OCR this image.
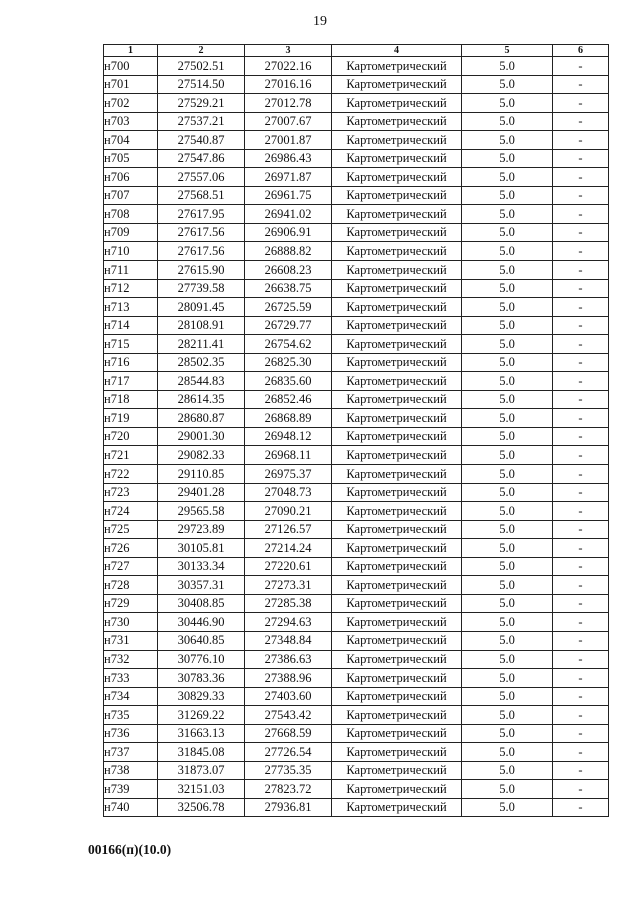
19
1	2	3	4	5	6
н700	27502.51	27022.16	Картометрический	5.0	-
н701	27514.50	27016.16	Картометрический	5.0	-
н702	27529.21	27012.78	Картометрический	5.0	-
н703	27537.21	27007.67	Картометрический	5.0	-
н704	27540.87	27001.87	Картометрический	5.0	-
н705	27547.86	26986.43	Картометрический	5.0	-
н706	27557.06	26971.87	Картометрический	5.0	-
н707	27568.51	26961.75	Картометрический	5.0	-
н708	27617.95	26941.02	Картометрический	5.0	-
н709	27617.56	26906.91	Картометрический	5.0	-
н710	27617.56	26888.82	Картометрический	5.0	-
н711	27615.90	26608.23	Картометрический	5.0	-
н712	27739.58	26638.75	Картометрический	5.0	-
н713	28091.45	26725.59	Картометрический	5.0	-
н714	28108.91	26729.77	Картометрический	5.0	-
н715	28211.41	26754.62	Картометрический	5.0	-
н716	28502.35	26825.30	Картометрический	5.0	-
н717	28544.83	26835.60	Картометрический	5.0	-
н718	28614.35	26852.46	Картометрический	5.0	-
н719	28680.87	26868.89	Картометрический	5.0	-
н720	29001.30	26948.12	Картометрический	5.0	-
н721	29082.33	26968.11	Картометрический	5.0	-
н722	29110.85	26975.37	Картометрический	5.0	-
н723	29401.28	27048.73	Картометрический	5.0	-
н724	29565.58	27090.21	Картометрический	5.0	-
н725	29723.89	27126.57	Картометрический	5.0	-
н726	30105.81	27214.24	Картометрический	5.0	-
н727	30133.34	27220.61	Картометрический	5.0	-
н728	30357.31	27273.31	Картометрический	5.0	-
н729	30408.85	27285.38	Картометрический	5.0	-
н730	30446.90	27294.63	Картометрический	5.0	-
н731	30640.85	27348.84	Картометрический	5.0	-
н732	30776.10	27386.63	Картометрический	5.0	-
н733	30783.36	27388.96	Картометрический	5.0	-
н734	30829.33	27403.60	Картометрический	5.0	-
н735	31269.22	27543.42	Картометрический	5.0	-
н736	31663.13	27668.59	Картометрический	5.0	-
н737	31845.08	27726.54	Картометрический	5.0	-
н738	31873.07	27735.35	Картометрический	5.0	-
н739	32151.03	27823.72	Картометрический	5.0	-
н740	32506.78	27936.81	Картометрический	5.0	-
00166(п)(10.0)
